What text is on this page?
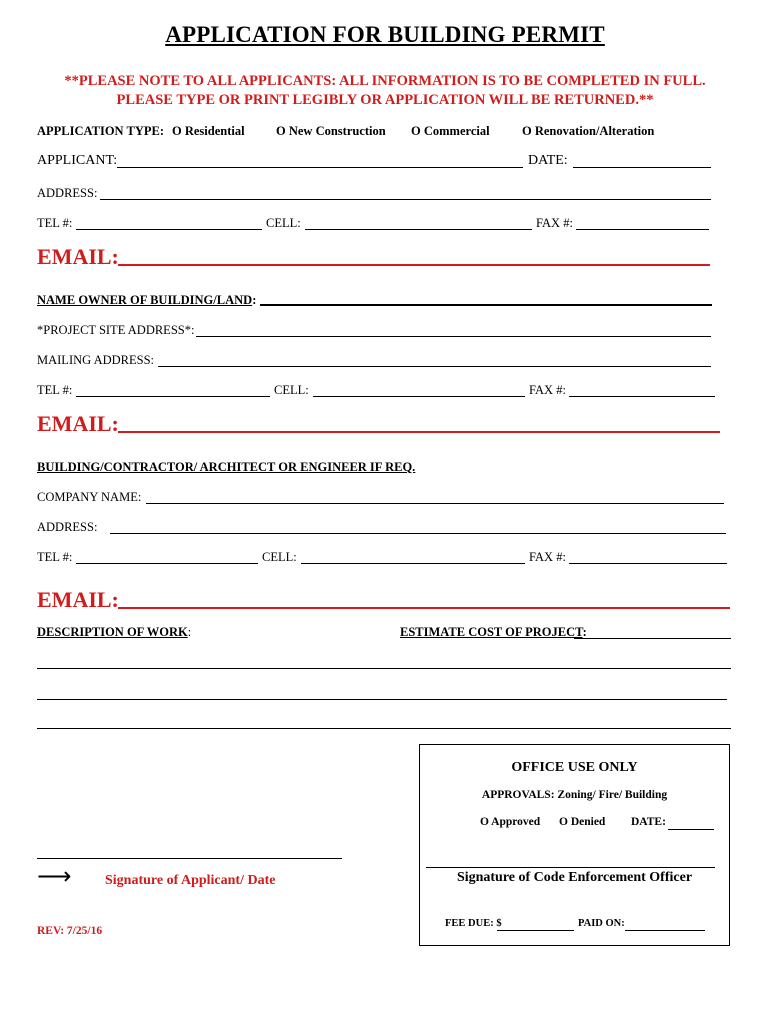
APPLICATION FOR BUILDING PERMIT
**PLEASE NOTE TO ALL APPLICANTS: ALL INFORMATION IS TO BE COMPLETED IN FULL.
PLEASE TYPE OR PRINT LEGIBLY OR APPLICATION WILL BE RETURNED.**
APPLICATION TYPE: O Residential	O New Construction O Commercial	O Renovation/Alteration
APPLICANT:	DATE:
ADDRESS:
TEL #:	CELL:	FAX #:
EMAIL:
NAME OWNER OF BUILDING/LAND:
*PROJECT SITE ADDRESS*:
MAILING ADDRESS:
TEL #:	CELL:	FAX #:
EMAIL:
BUILDING/CONTRACTOR/ ARCHITECT OR ENGINEER IF REQ.
COMPANY NAME:
ADDRESS:
TEL #:	CELL:	FAX #:
EMAIL:
DESCRIPTION OF WORK:	ESTIMATE COST OF PROJECT:
OFFICE USE ONLY
APPROVALS: Zoning/ Fire/ Building
O Approved O Denied DATE:
Signature of Code Enforcement Officer
FEE DUE: $	PAID ON:
⟶ Signature of Applicant/ Date
REV: 7/25/16
